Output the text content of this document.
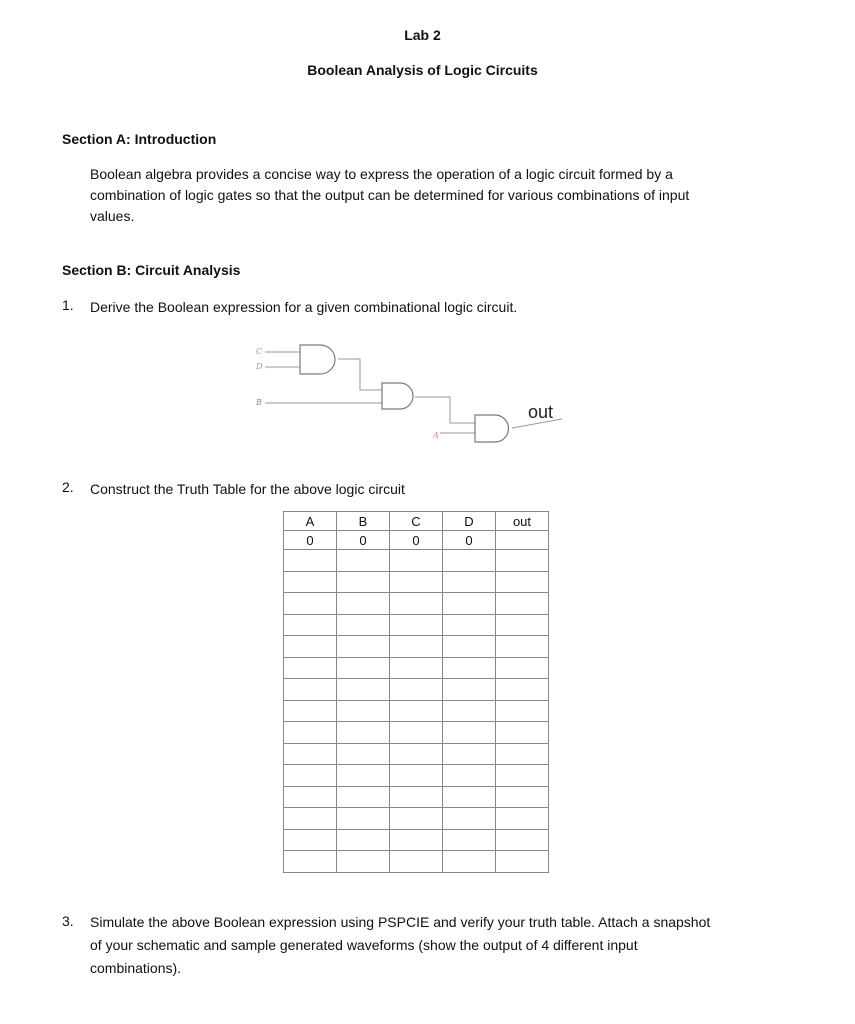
Lab 2
Boolean Analysis of Logic Circuits
Section A: Introduction
Boolean algebra provides a concise way to express the operation of a logic circuit formed by a
combination of logic gates so that the output can be determined for various combinations of input
values.
Section B: Circuit Analysis
1. Derive the Boolean expression for a given combinational logic circuit.
C
D
B
A
out
2. Construct the Truth Table for the above logic circuit
A	B	C	D	out
0	0	0	0	

3. Simulate the above Boolean expression using PSPCIE and verify your truth table. Attach a snapshot
of your schematic and sample generated waveforms (show the output of 4 different input
combinations).
